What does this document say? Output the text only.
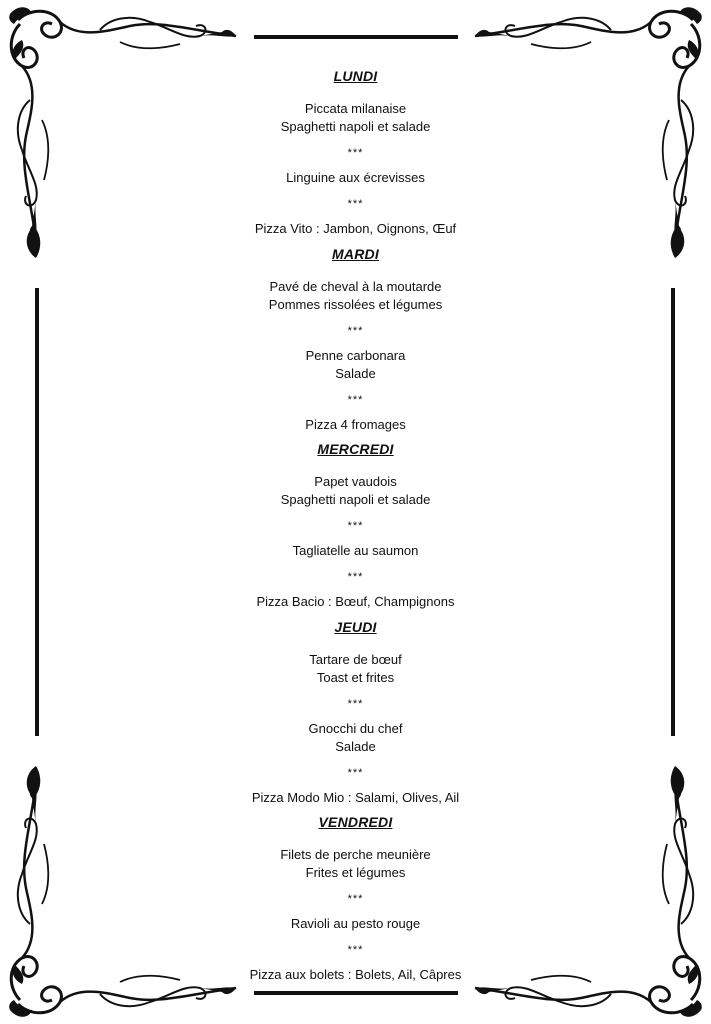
LUNDI
Piccata milanaise
Spaghetti napoli et salade
***
Linguine aux écrevisses
***
Pizza Vito : Jambon, Oignons, Œuf
MARDI
Pavé de cheval à la moutarde
Pommes rissolées et légumes
***
Penne carbonara
Salade
***
Pizza 4 fromages
MERCREDI
Papet vaudois
Spaghetti napoli et salade
***
Tagliatelle au saumon
***
Pizza Bacio : Bœuf, Champignons
JEUDI
Tartare de bœuf
Toast et frites
***
Gnocchi du chef
Salade
***
Pizza Modo Mio : Salami, Olives, Ail
VENDREDI
Filets de perche meunière
Frites et légumes
***
Ravioli au pesto rouge
***
Pizza aux bolets : Bolets, Ail, Câpres
